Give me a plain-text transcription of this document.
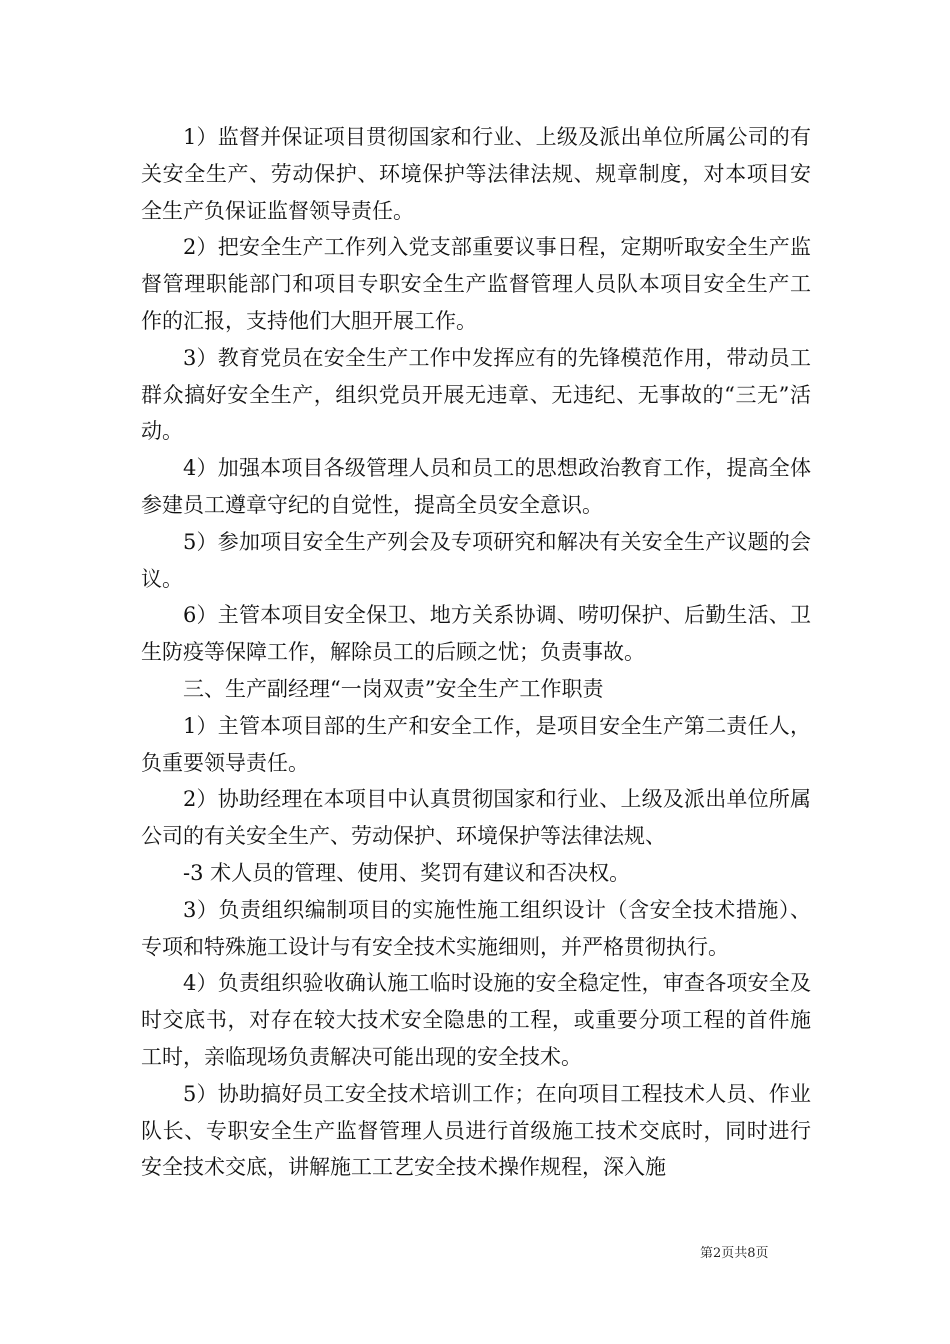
1）监督并保证项目贯彻国家和行业、上级及派出单位所属公司的有关安全生产、劳动保护、环境保护等法律法规、规章制度，对本项目安全生产负保证监督领导责任。

2）把安全生产工作列入党支部重要议事日程，定期听取安全生产监督管理职能部门和项目专职安全生产监督管理人员队本项目安全生产工作的汇报，支持他们大胆开展工作。

3）教育党员在安全生产工作中发挥应有的先锋模范作用，带动员工群众搞好安全生产，组织党员开展无违章、无违纪、无事故的“三无”活动。

4）加强本项目各级管理人员和员工的思想政治教育工作，提高全体参建员工遵章守纪的自觉性，提高全员安全意识。

5）参加项目安全生产列会及专项研究和解决有关安全生产议题的会议。

6）主管本项目安全保卫、地方关系协调、唠叨保护、后勤生活、卫生防疫等保障工作，解除员工的后顾之忧；负责事故。

三、生产副经理“一岗双责”安全生产工作职责

1）主管本项目部的生产和安全工作，是项目安全生产第二责任人，负重要领导责任。

2）协助经理在本项目中认真贯彻国家和行业、上级及派出单位所属公司的有关安全生产、劳动保护、环境保护等法律法规、

-3 术人员的管理、使用、奖罚有建议和否决权。

3）负责组织编制项目的实施性施工组织设计（含安全技术措施）、专项和特殊施工设计与有安全技术实施细则，并严格贯彻执行。

4）负责组织验收确认施工临时设施的安全稳定性，审查各项安全及时交底书，对存在较大技术安全隐患的工程，或重要分项工程的首件施工时，亲临现场负责解决可能出现的安全技术。

5）协助搞好员工安全技术培训工作；在向项目工程技术人员、作业队长、专职安全生产监督管理人员进行首级施工技术交底时，同时进行安全技术交底，讲解施工工艺安全技术操作规程，深入施

第2页共8页
